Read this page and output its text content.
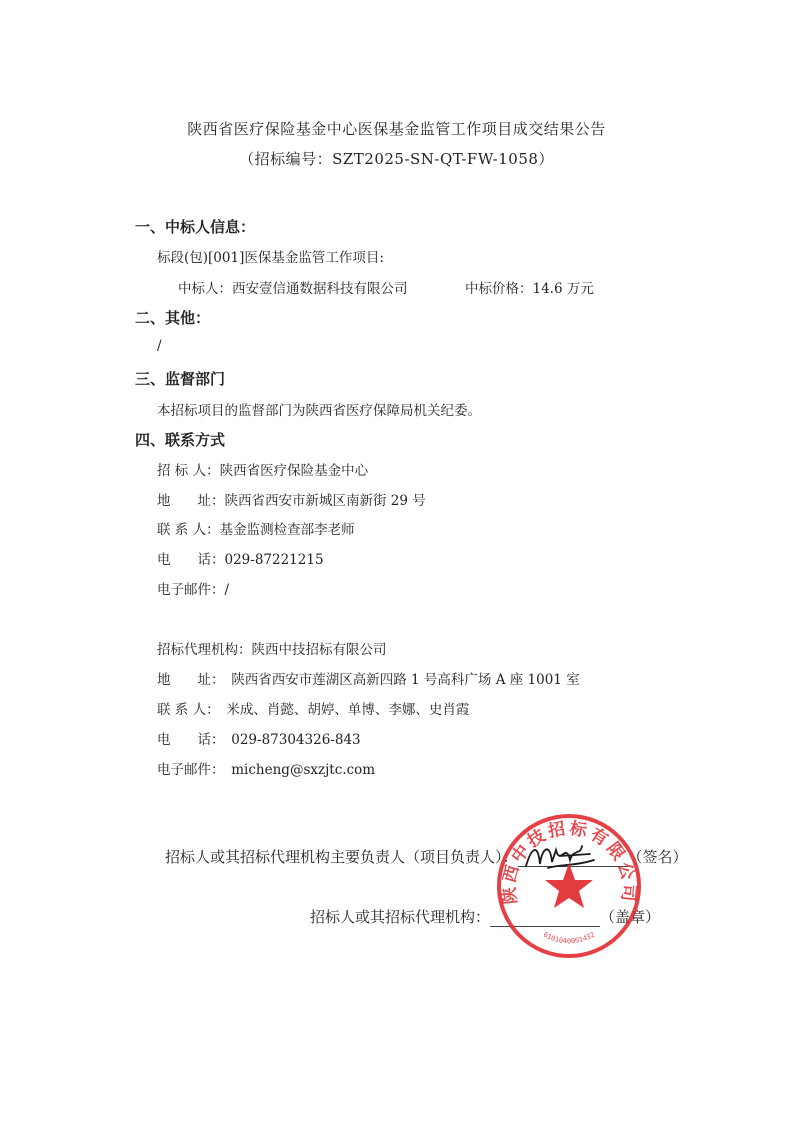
陕西省医疗保险基金中心医保基金监管工作项目成交结果公告
（招标编号：SZT2025-SN-QT-FW-1058）
一、中标人信息：
标段(包)[001]医保基金监管工作项目:
中标人：西安壹信通数据科技有限公司	中标价格：14.6 万元
二、其他：
/
三、监督部门
本招标项目的监督部门为陕西省医疗保障局机关纪委。
四、联系方式
招 标 人：陕西省医疗保险基金中心
地　　址：陕西省西安市新城区南新街 29 号
联 系 人：基金监测检查部李老师
电　　话：029-87221215
电子邮件：/
招标代理机构：陕西中技招标有限公司
地　　址：　陕西省西安市莲湖区高新四路 1 号高科广场 A 座 1001 室
联 系 人：　米成、肖懿、胡婷、单博、李娜、史肖霞
电　　话：　029-87304326-843
电子邮件：　micheng@sxzjtc.com
招标人或其招标代理机构主要负责人（项目负责人）：	（签名）
招标人或其招标代理机构：	（盖章）
陕西中技招标有限公司
6101040001432
